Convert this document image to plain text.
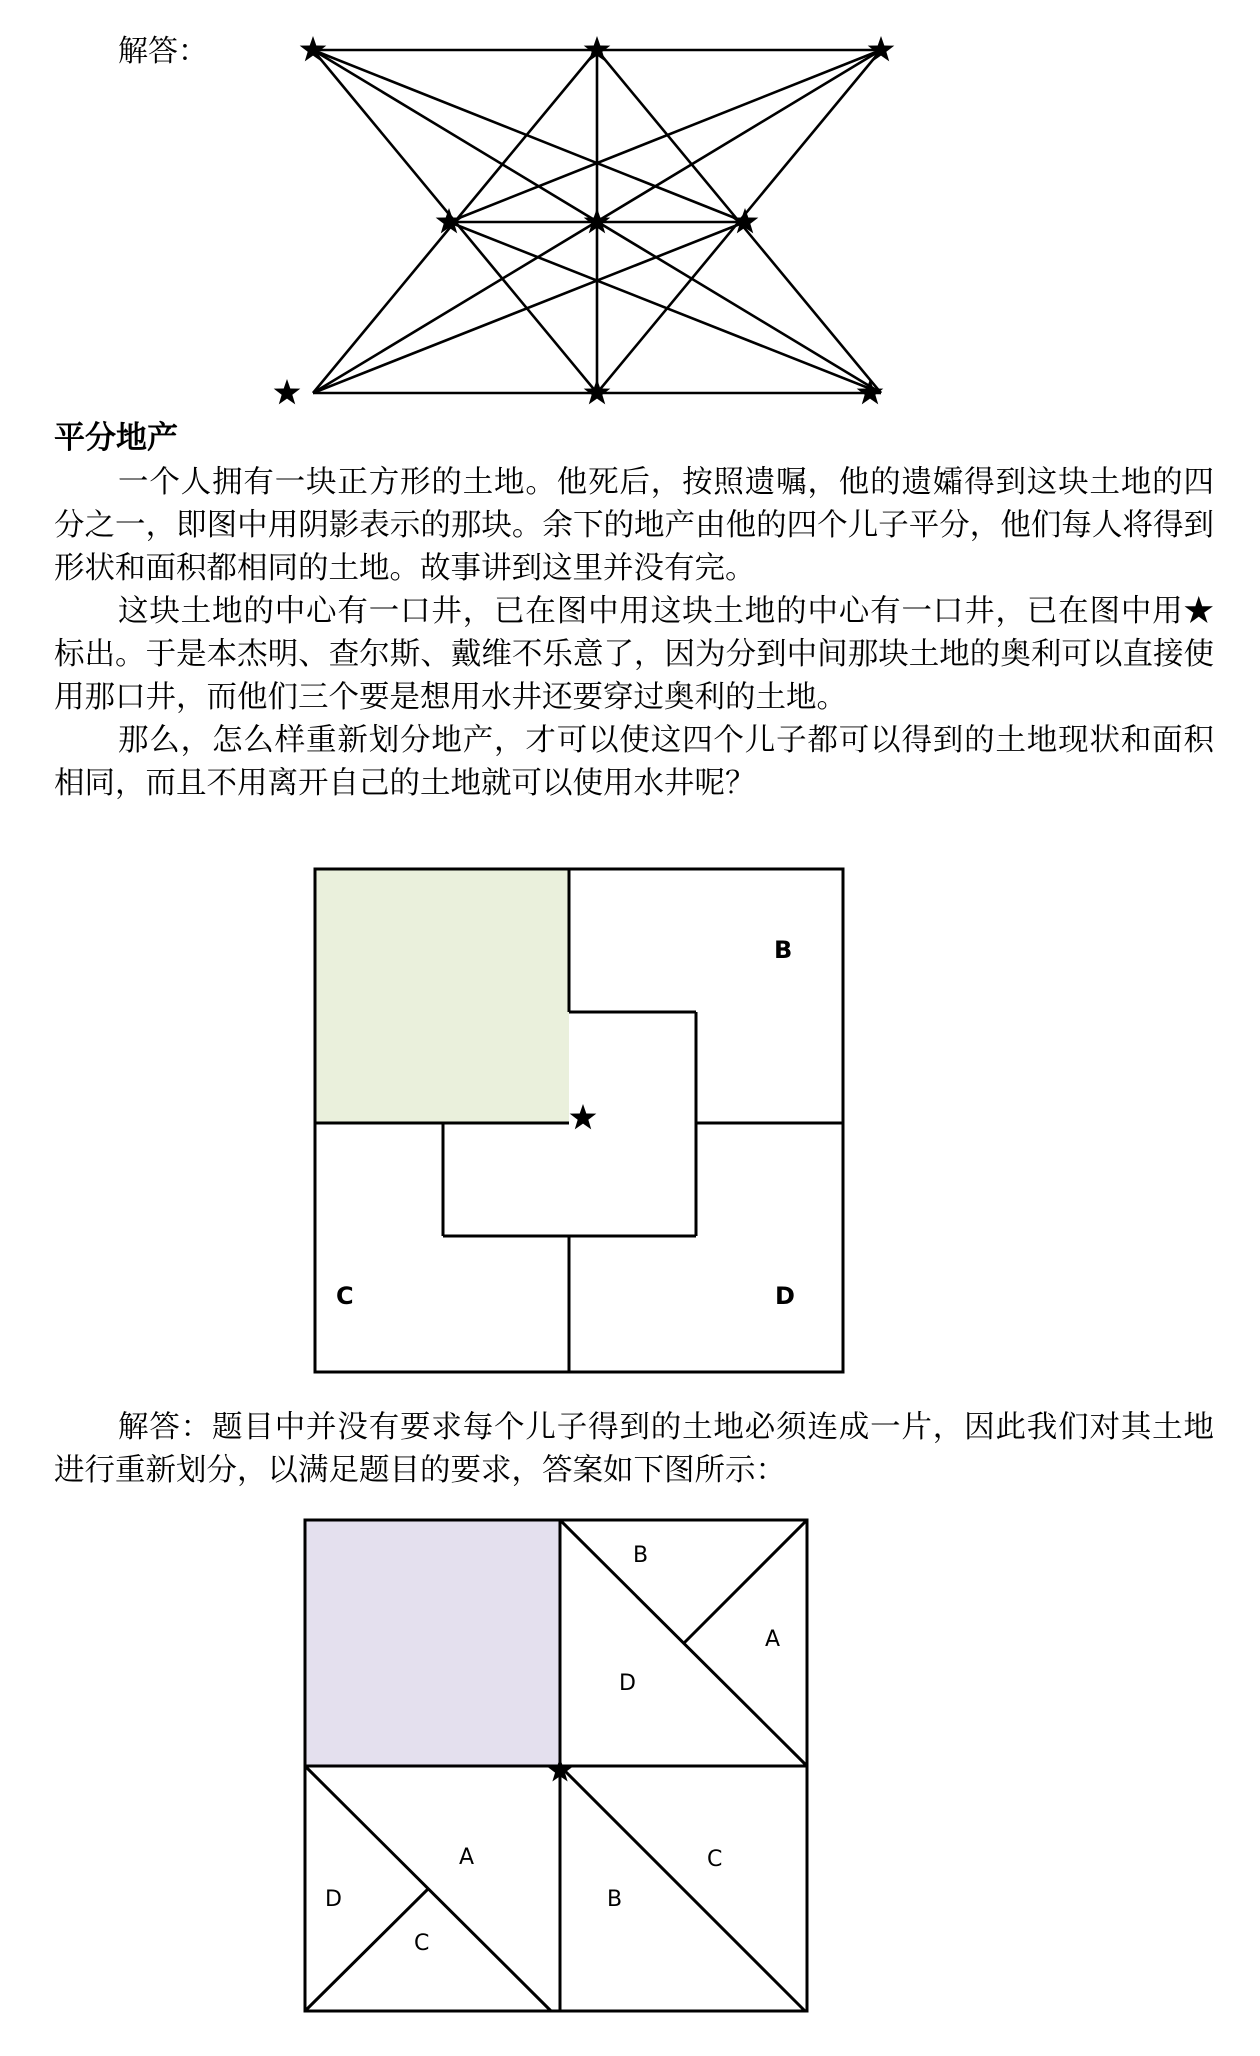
解答：
平分地产
一个人拥有一块正方形的土地。他死后，按照遗嘱，他的遗孀得到这块土地的四分之一，即图中用阴影表示的那块。余下的地产由他的四个儿子平分，他们每人将得到形状和面积都相同的土地。故事讲到这里并没有完。
这块土地的中心有一口井，已在图中用这块土地的中心有一口井，已在图中用★标出。于是本杰明、查尔斯、戴维不乐意了，因为分到中间那块土地的奥利可以直接使用那口井，而他们三个要是想用水井还要穿过奥利的土地。
那么，怎么样重新划分地产，才可以使这四个儿子都可以得到的土地现状和面积相同，而且不用离开自己的土地就可以使用水井呢？
B
C	D
解答：题目中并没有要求每个儿子得到的土地必须连成一片，因此我们对其土地进行重新划分，以满足题目的要求，答案如下图所示：
B
A
D
A
D
C
C
B
